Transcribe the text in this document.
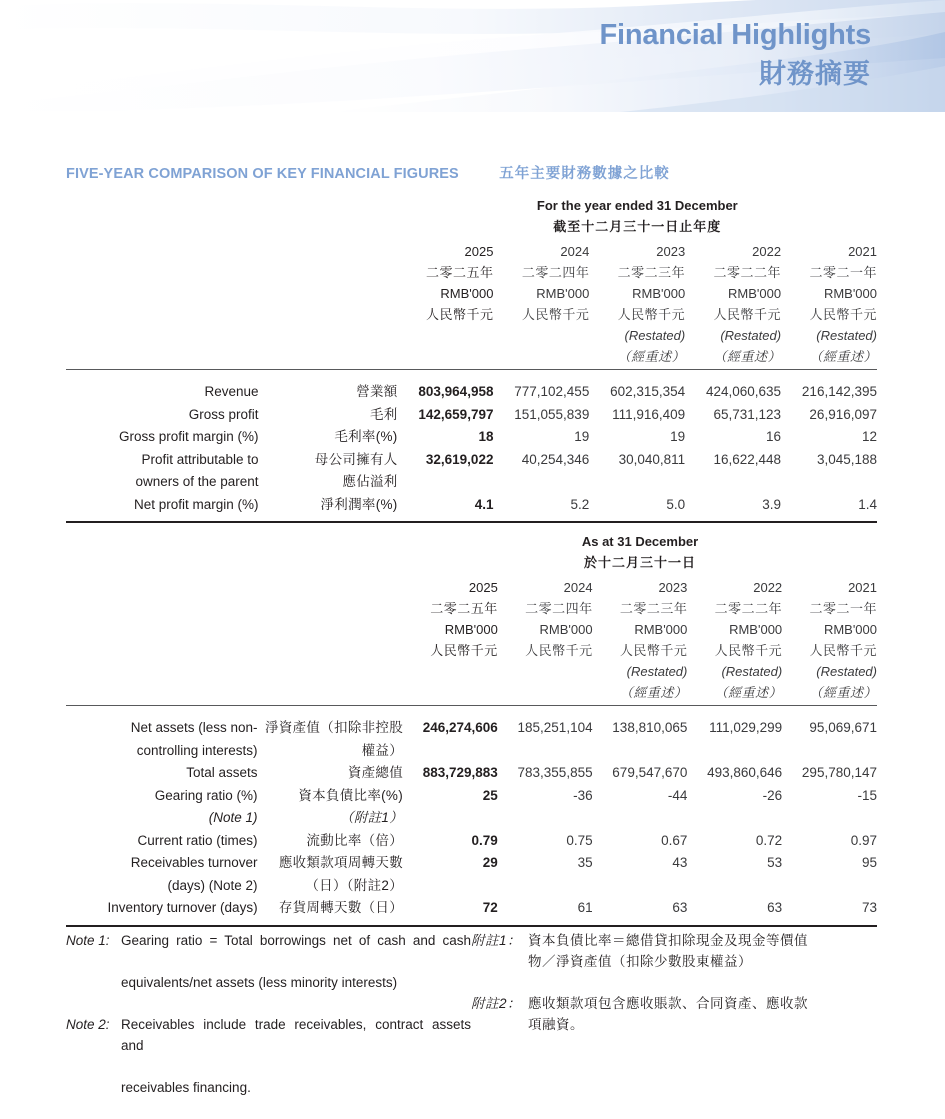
Financial Highlights
財務摘要
FIVE-YEAR COMPARISON OF KEY FINANCIAL FIGURES	五年主要財務數據之比較
		For the year ended 31 December				
		截至十二月三十一日止年度				
		2025	2024	2023	2022	2021
		二零二五年	二零二四年	二零二三年	二零二二年	二零二一年
		RMB'000	RMB'000	RMB'000	RMB'000	RMB'000
		人民幣千元	人民幣千元	人民幣千元	人民幣千元	人民幣千元
				(Restated)	(Restated)	(Restated)
				（經重述）	（經重述）	（經重述）

Revenue	營業額	803,964,958	777,102,455	602,315,354	424,060,635	216,142,395
Gross profit	毛利	142,659,797	151,055,839	111,916,409	65,731,123	26,916,097
Gross profit margin (%)	毛利率(%)	18	19	19	16	12
Profit attributable to	母公司擁有人	32,619,022	40,254,346	30,040,811	16,622,448	3,045,188
owners of the parent	應佔溢利					
Net profit margin (%)	淨利潤率(%)	4.1	5.2	5.0	3.9	1.4

		As at 31 December				
		於十二月三十一日				
		2025	2024	2023	2022	2021
		二零二五年	二零二四年	二零二三年	二零二二年	二零二一年
		RMB'000	RMB'000	RMB'000	RMB'000	RMB'000
		人民幣千元	人民幣千元	人民幣千元	人民幣千元	人民幣千元
				(Restated)	(Restated)	(Restated)
				（經重述）	（經重述）	（經重述）

Net assets (less non-	淨資產值（扣除非控股	246,274,606	185,251,104	138,810,065	111,029,299	95,069,671
controlling interests)	權益）					
Total assets	資產總值	883,729,883	783,355,855	679,547,670	493,860,646	295,780,147
Gearing ratio (%)	資本負債比率(%)	25	-36	-44	-26	-15
(Note 1)	（附註1）					
Current ratio (times)	流動比率（倍）	0.79	0.75	0.67	0.72	0.97
Receivables turnover	應收類款項周轉天數	29	35	43	53	95
(days) (Note 2)	（日）（附註2）					
Inventory turnover (days)	存貨周轉天數（日）	72	61	63	63	73

Note 1: Gearing ratio = Total borrowings net of cash and cash
equivalents/net assets (less minority interests)
Note 2: Receivables include trade receivables, contract assets and
receivables financing.
附註1： 資本負債比率＝總借貸扣除現金及現金等價值
物／淨資產值（扣除少數股東權益）
附註2： 應收類款項包含應收賬款、合同資產、應收款
項融資。
